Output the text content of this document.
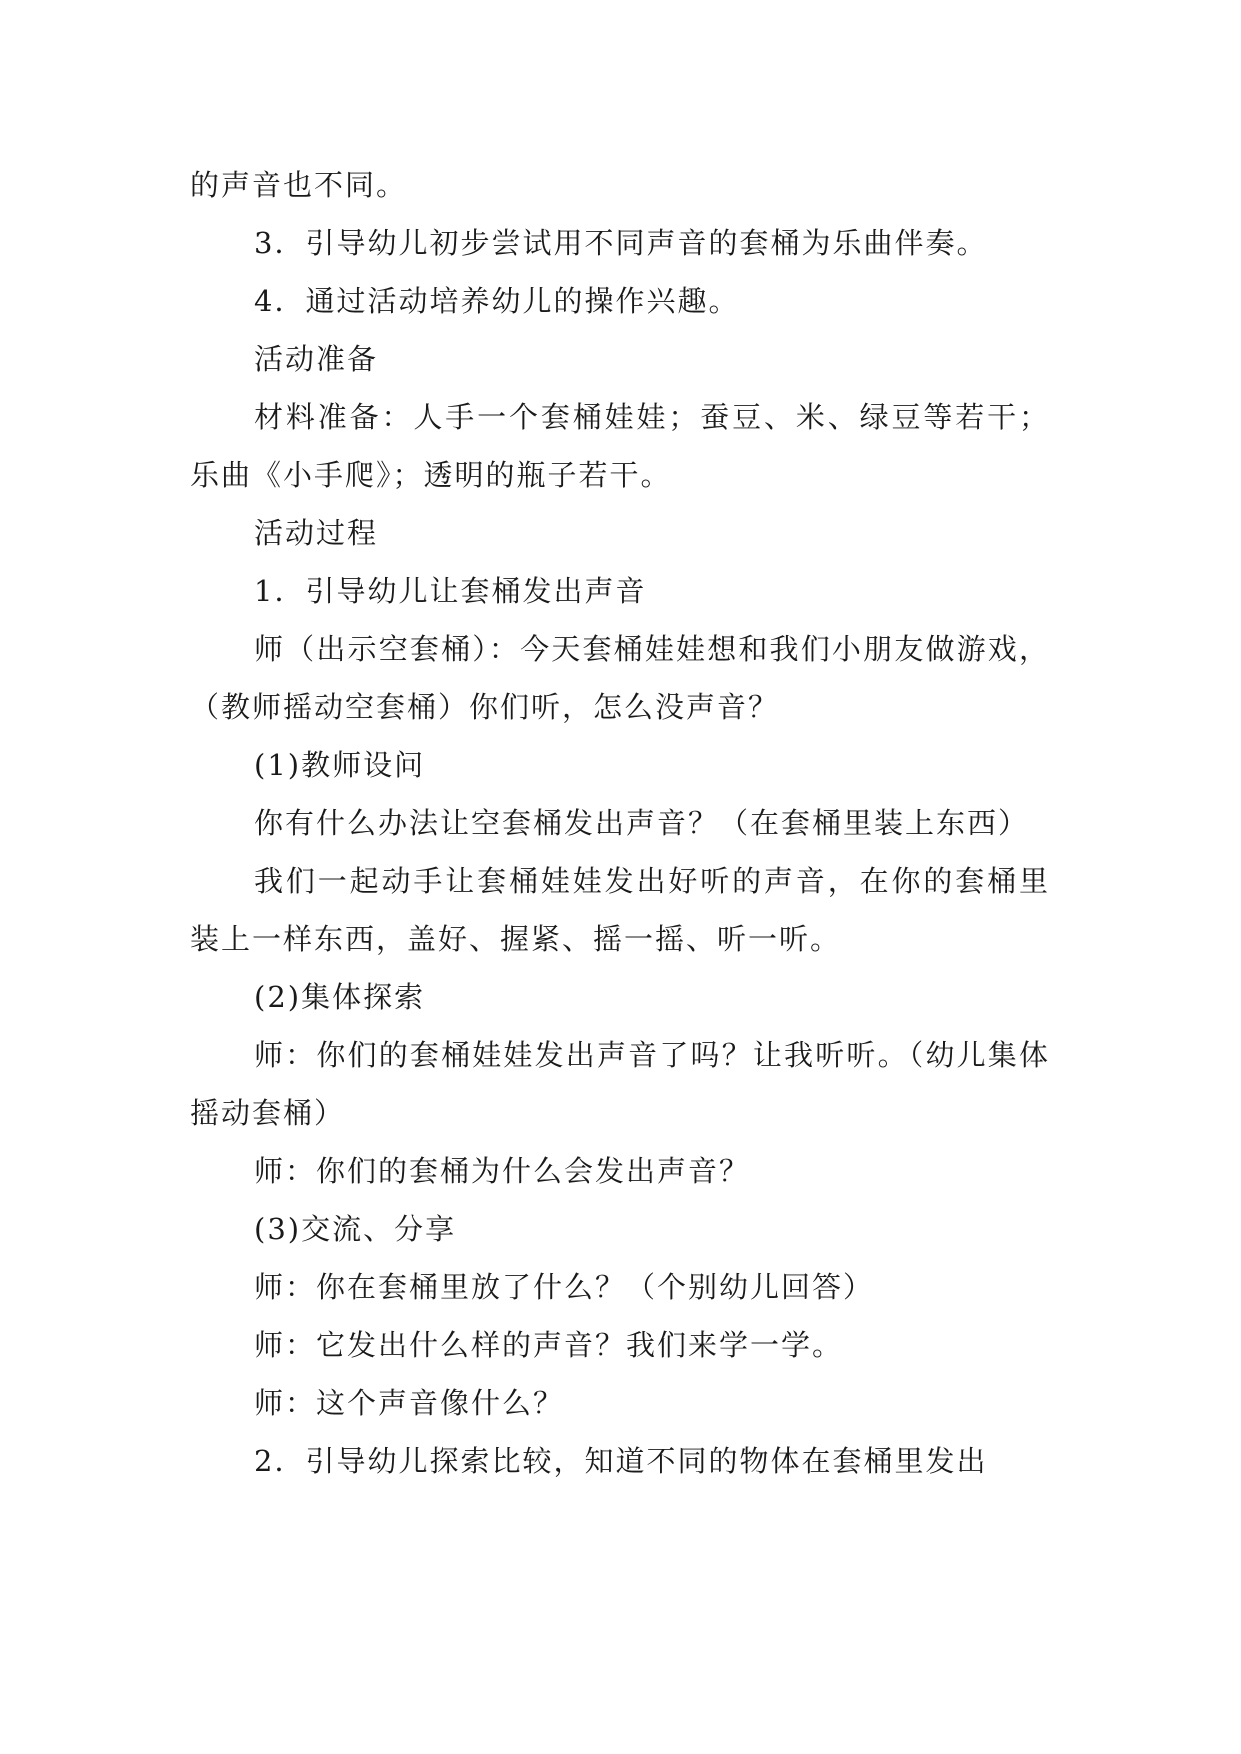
的声音也不同。

3．引导幼儿初步尝试用不同声音的套桶为乐曲伴奏。

4．通过活动培养幼儿的操作兴趣。

活动准备

材料准备：人手一个套桶娃娃；蚕豆、米、绿豆等若干；乐曲《小手爬》；透明的瓶子若干。

活动过程

1．引导幼儿让套桶发出声音

师（出示空套桶）：今天套桶娃娃想和我们小朋友做游戏，（教师摇动空套桶）你们听，怎么没声音？

(1)教师设问

你有什么办法让空套桶发出声音？（在套桶里装上东西）

我们一起动手让套桶娃娃发出好听的声音，在你的套桶里装上一样东西，盖好、握紧、摇一摇、听一听。

(2)集体探索

师：你们的套桶娃娃发出声音了吗？让我听听。（幼儿集体摇动套桶）

师：你们的套桶为什么会发出声音？

(3)交流、分享

师：你在套桶里放了什么？（个别幼儿回答）

师：它发出什么样的声音？我们来学一学。

师：这个声音像什么？

2．引导幼儿探索比较，知道不同的物体在套桶里发出
